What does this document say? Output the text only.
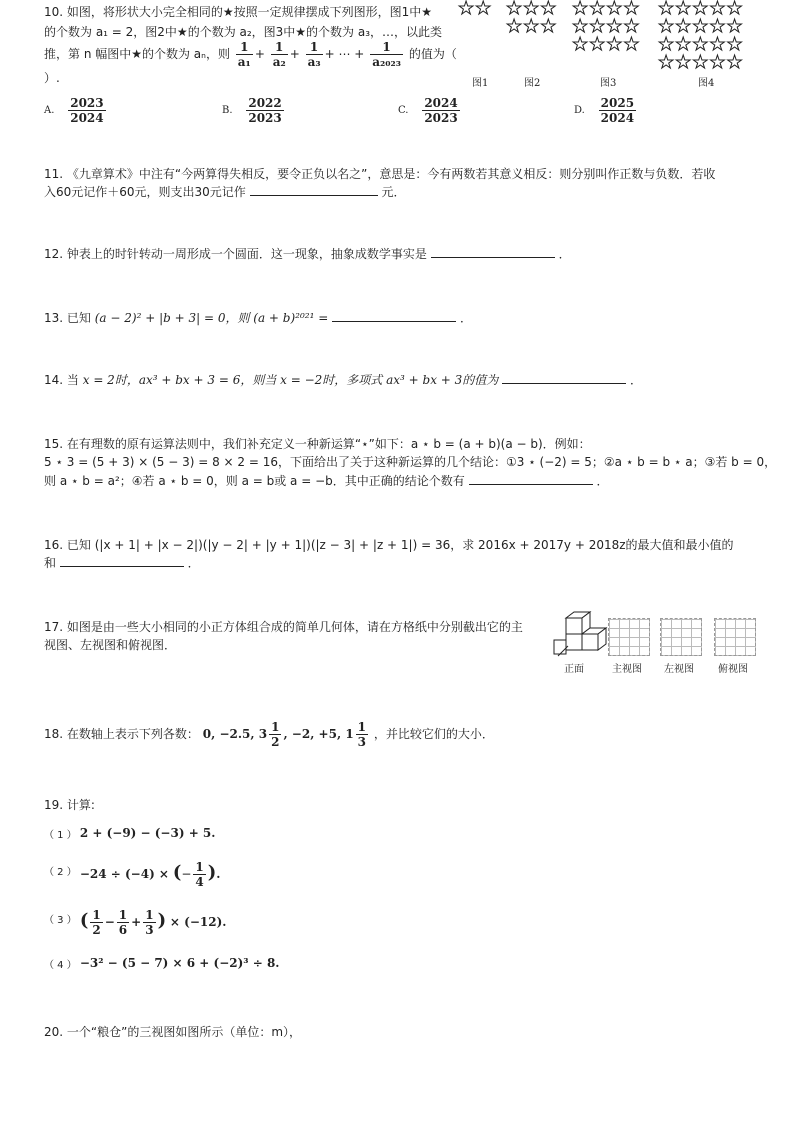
10. 如图，将形状大小完全相同的★按照一定规律摆成下列图形，图1中★
的个数为 a₁ = 2，图2中★的个数为 a₂，图3中★的个数为 a₃，…，以此类
推，第 n 幅图中★的个数为 aₙ，则 $\frac{1}{\text{a₁}} + \frac{1}{\text{a₂}} + \frac{1}{\text{a₃}}$ + ⋯ + $\frac{1}{\text{a₂₀₂₃}}$ 的值为（
）.
★★ ★★★
★★★
★★★★
★★★★
★★★★
★★★★★
★★★★★
★★★★★
★★★★★
图1	图2	图3	图4
A. $\frac{2023}{2024}$	B. $\frac{2022}{2023}$	C. $\frac{2024}{2023}$	D. $\frac{2025}{2024}$
11. 《九章算术》中注有“今两算得失相反，要令正负以名之”，意思是：今有两数若其意义相反：则分别叫作正数与负数．若收
入60元记作＋60元，则支出30元记作	元．
12. 钟表上的时针转动一周形成一个圆面．这一现象，抽象成数学事实是	．
13. 已知 (a − 2)² + |b + 3| = 0，则 (a + b)²⁰²¹ =	．
14. 当 x = 2时，ax³ + bx + 3 = 6，则当 x = −2时，多项式 ax³ + bx + 3的值为	．
15. 在有理数的原有运算法则中，我们补充定义一种新运算“⋆”如下：a ⋆ b = (a + b)(a − b)．例如：
5 ⋆ 3 = (5 + 3) × (5 − 3) = 8 × 2 = 16，下面给出了关于这种新运算的几个结论：①3 ⋆ (−2) = 5；②a ⋆ b = b ⋆ a；③若 b = 0，
则 a ⋆ b = a²；④若 a ⋆ b = 0，则 a = b或 a = −b．其中正确的结论个数有	．
16. 已知 (|x + 1| + |x − 2|)(|y − 2| + |y + 1|)(|z − 3| + |z + 1|) = 36，求 2016x + 2017y + 2018z的最大值和最小值的
和	．
17. 如图是由一些大小相同的小正方体组合成的简单几何体，请在方格纸中分别截出它的主
视图、左视图和俯视图．
正面	主视图 左视图 俯视图
18. 在数轴上表示下列各数： 0, −2.5, $3 \frac{1}{2}$ , −2, +5, $1 \frac{1}{3}$ ，并比较它们的大小．
19. 计算:
（ 1 ） 2 + (−9) − (−3) + 5.
（ 2 ） −24 ÷ (−4) × (− $\frac{1}{4}$ ).
（ 3 ） ( $\frac{1}{2} - \frac{1}{6} + \frac{1}{3}$ ) × (−12).
（ 4 ） −3² − (5 − 7) × 6 + (−2)³ ÷ 8.
20. 一个“粮仓”的三视图如图所示（单位：m），
